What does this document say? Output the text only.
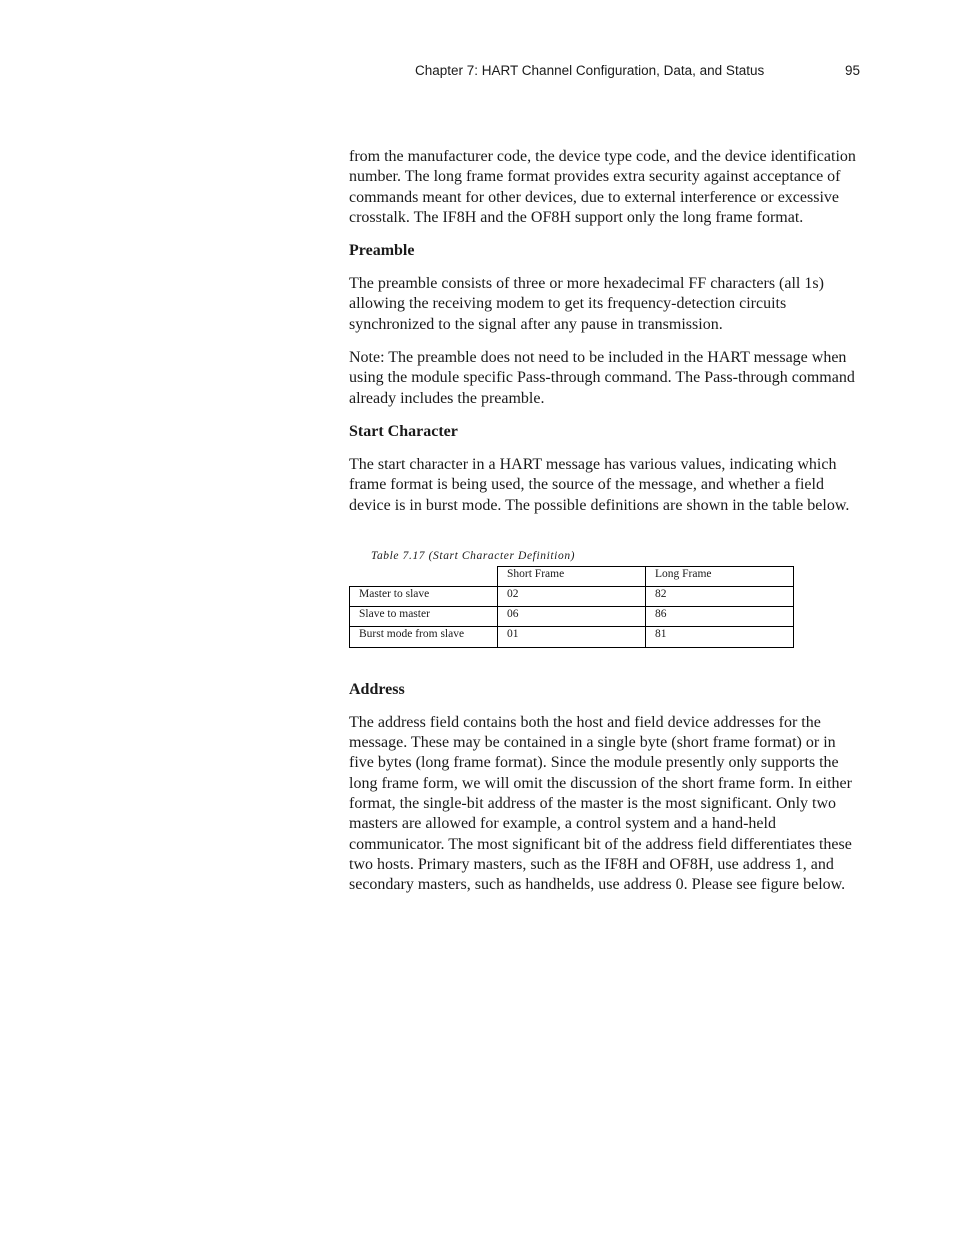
Chapter 7: HART Channel Configuration, Data, and Status	95

from the manufacturer code, the device type code, and the device identification number. The long frame format provides extra security against acceptance of commands meant for other devices, due to external interference or excessive crosstalk. The IF8H and the OF8H support only the long frame format.

Preamble

The preamble consists of three or more hexadecimal FF characters (all 1s) allowing the receiving modem to get its frequency-detection circuits synchronized to the signal after any pause in transmission.

Note: The preamble does not need to be included in the HART message when using the module specific Pass-through command. The Pass-through command already includes the preamble.

Start Character

The start character in a HART message has various values, indicating which frame format is being used, the source of the message, and whether a field device is in burst mode. The possible definitions are shown in the table below.

Table 7.17 (Start Character Definition)
	Short Frame	Long Frame
Master to slave	02	82
Slave to master	06	86
Burst mode from slave	01	81
Address

The address field contains both the host and field device addresses for the message. These may be contained in a single byte (short frame format) or in five bytes (long frame format). Since the module presently only supports the long frame form, we will omit the discussion of the short frame form. In either format, the single-bit address of the master is the most significant. Only two masters are allowed for example, a control system and a hand-held communicator. The most significant bit of the address field differentiates these two hosts. Primary masters, such as the IF8H and OF8H, use address 1, and secondary masters, such as handhelds, use address 0. Please see figure below.
